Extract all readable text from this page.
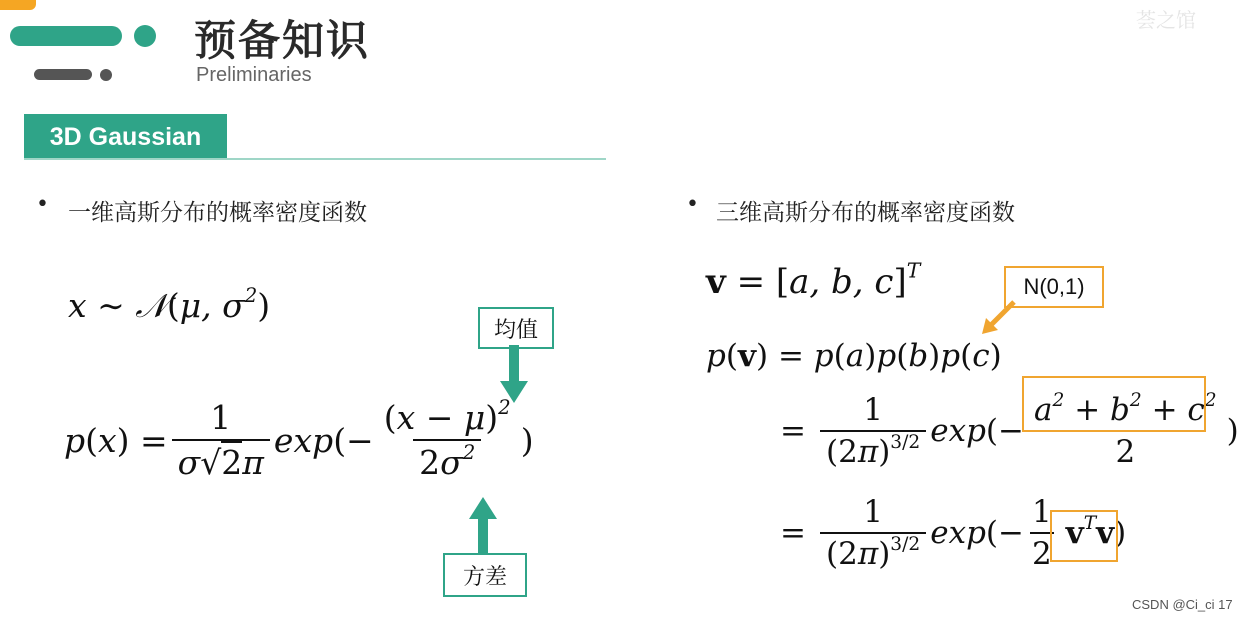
预备知识
Preliminaries
荟之馆
3D Gaussian
• 一维高斯分布的概率密度函数
x ∼ 𝒩(μ, $\sigma^2$)
$p(x) = \frac{1}{\sigma√2\pi} \exp(- \frac{(x - \mu)^2}{2\sigma^2}$ )
均值
方差
• 三维高斯分布的概率密度函数
v = [a, b, c]$^T$
N(0,1)
p(v) = p(a)p(b)p(c)
= $\frac{1}{(2\pi)^{3/2}} \exp(- \frac{a^2 + b^2 + c^2}{2}$ )
= $\frac{1}{(2\pi)^{3/2}} \exp(- \frac{1}{2} v^Tv$ )
CSDN @Ci_ci 17
